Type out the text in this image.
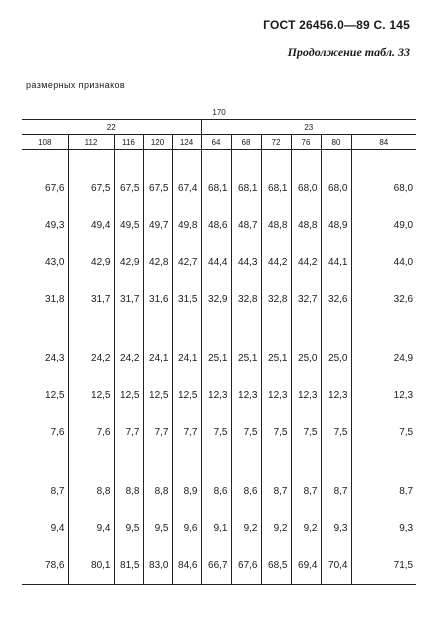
ГОСТ 26456.0—89 С. 145
Продолжение табл. 33
размерных признаков
170										
22					23					
108	112	116	120	124	64	68	72	76	80	84

67,6	67,5	67,5	67,5	67,4	68,1	68,1	68,1	68,0	68,0	68,0
49,3	49,4	49,5	49,7	49,8	48,6	48,7	48,8	48,8	48,9	49,0
43,0	42,9	42,9	42,8	42,7	44,4	44,3	44,2	44,2	44,1	44,0
31,8	31,7	31,7	31,6	31,5	32,9	32,8	32,8	32,7	32,6	32,6

24,3	24,2	24,2	24,1	24,1	25,1	25,1	25,1	25,0	25,0	24,9
12,5	12,5	12,5	12,5	12,5	12,3	12,3	12,3	12,3	12,3	12,3
7,6	7,6	7,7	7,7	7,7	7,5	7,5	7,5	7,5	7,5	7,5

8,7	8,8	8,8	8,8	8,9	8,6	8,6	8,7	8,7	8,7	8,7
9,4	9,4	9,5	9,5	9,6	9,1	9,2	9,2	9,2	9,3	9,3
78,6	80,1	81,5	83,0	84,6	66,7	67,6	68,5	69,4	70,4	71,5
